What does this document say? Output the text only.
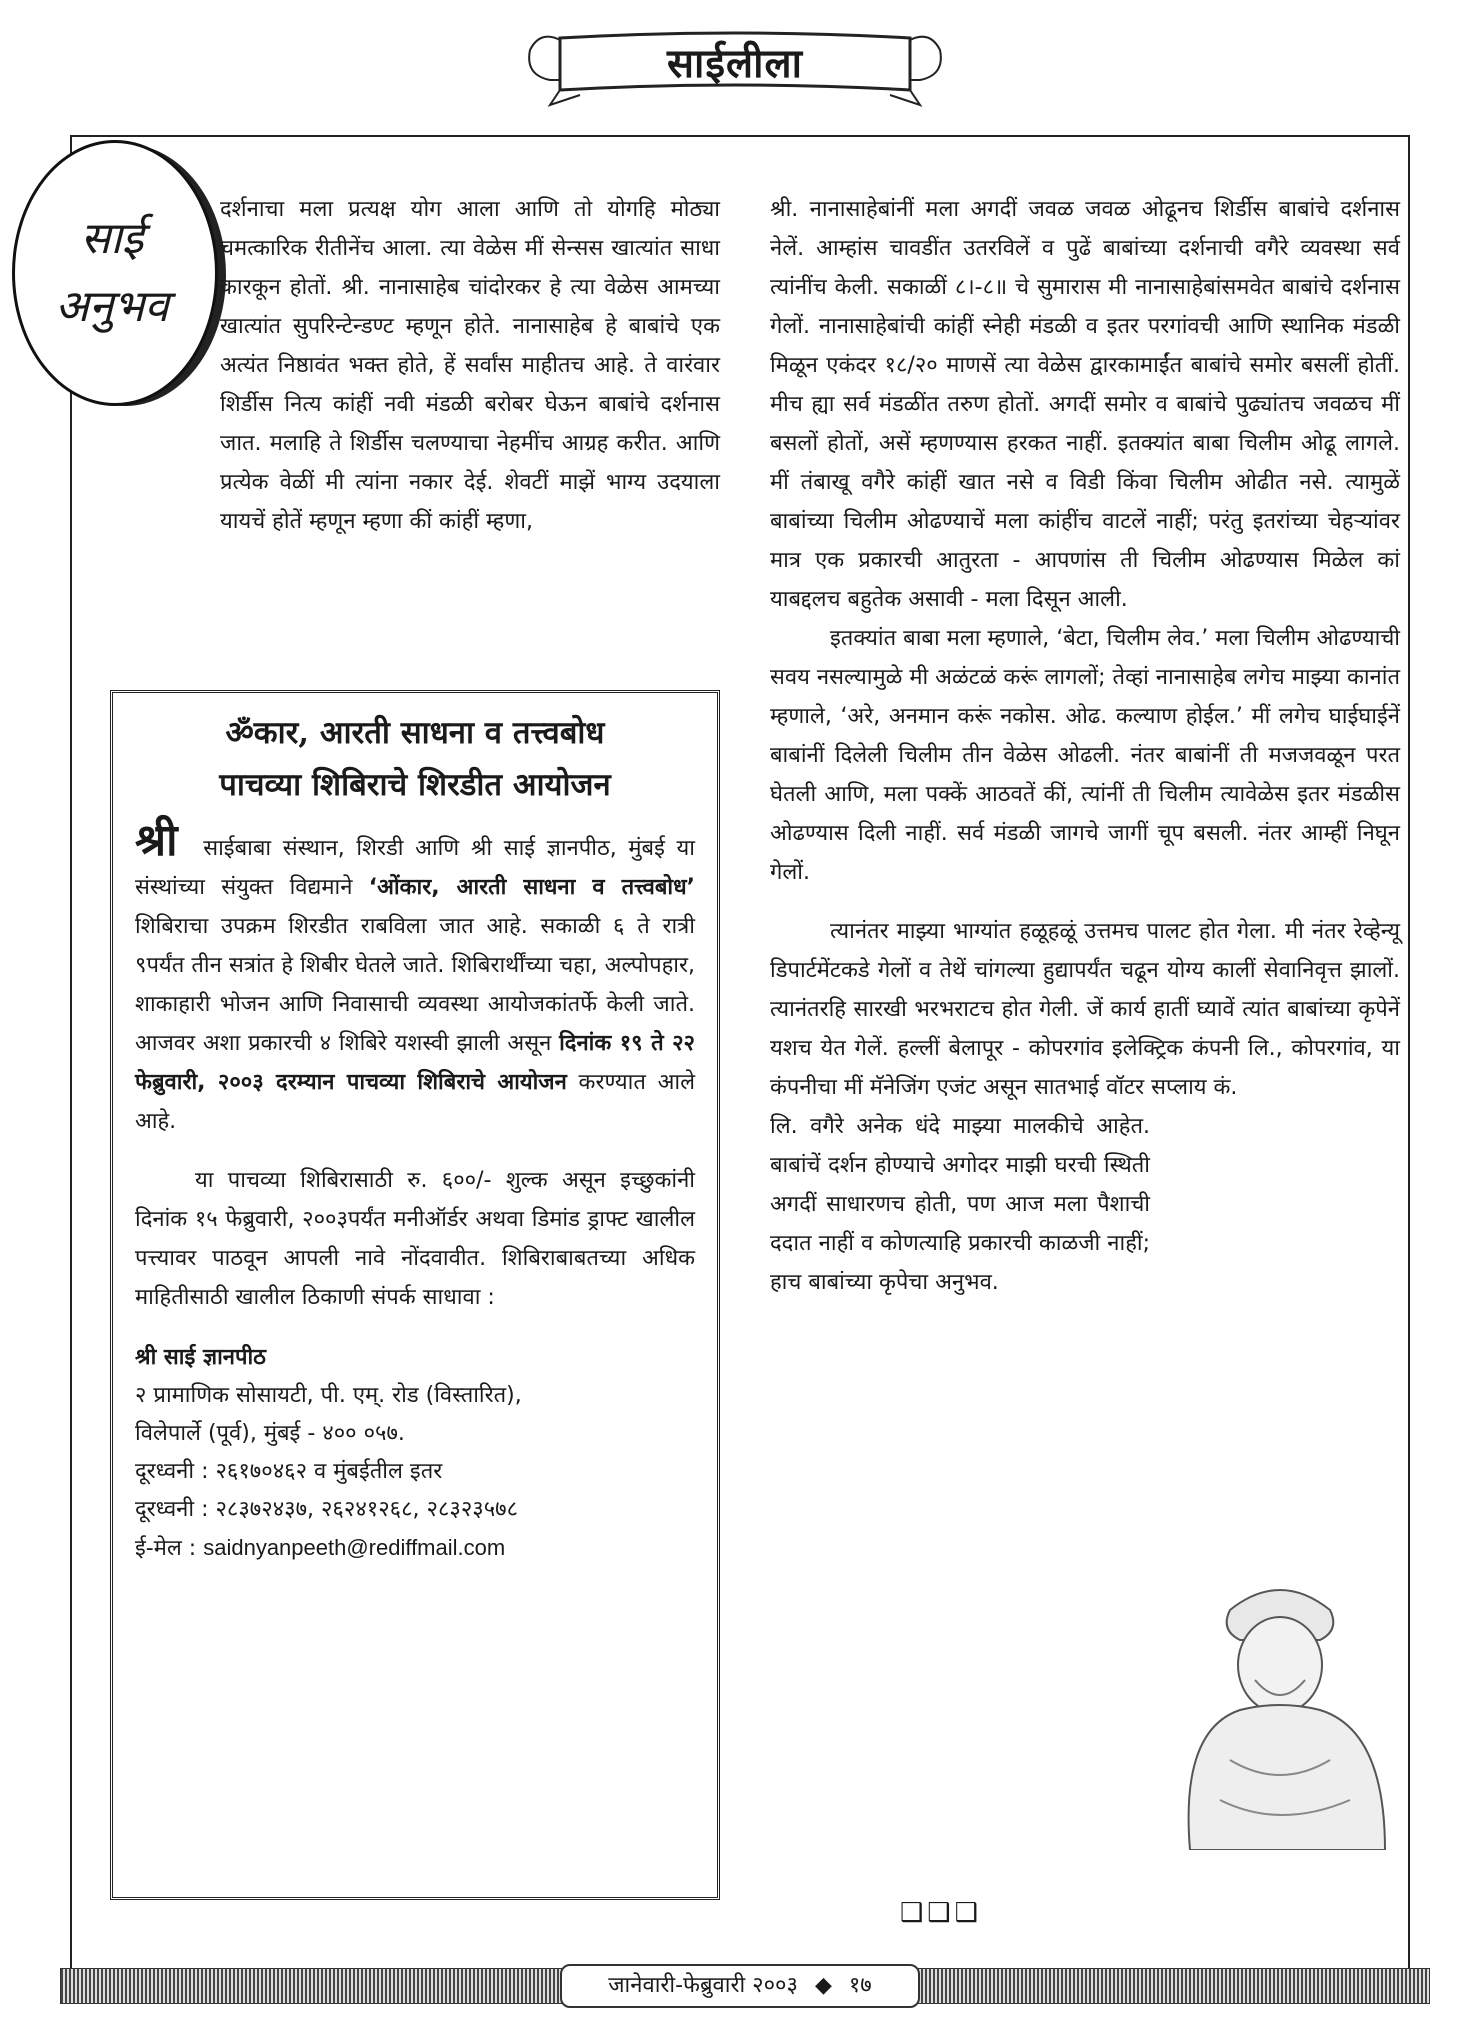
साईलीला
साई
अनुभव

दर्शनाचा मला प्रत्यक्ष योग आला आणि तो योगहि मोठ्या चमत्कारिक रीतीनेंच आला. त्या वेळेस मीं सेन्सस खात्यांत साधा कारकून होतों. श्री. नानासाहेब चांदोरकर हे त्या वेळेस आमच्या खात्यांत सुपरिन्टेन्डण्ट म्हणून होते. नानासाहेब हे बाबांचे एक अत्यंत निष्ठावंत भक्त होते, हें सर्वांस माहीतच आहे. ते वारंवार शिर्डीस नित्य कांहीं नवी मंडळी बरोबर घेऊन बाबांचे दर्शनास जात. मलाहि ते शिर्डीस चलण्याचा नेहमींच आग्रह करीत. आणि प्रत्येक वेळीं मी त्यांना नकार देई. शेवटीं माझें भाग्य उदयाला यायचें होतें म्हणून म्हणा कीं कांहीं म्हणा,

ॐकार, आरती साधना व तत्त्वबोध

पाचव्या शिबिराचे शिरडीत आयोजन

श्री साईबाबा संस्थान, शिरडी आणि श्री साई ज्ञानपीठ, मुंबई या संस्थांच्या संयुक्त विद्यमाने ‘ओंकार, आरती साधना व तत्त्वबोध’ शिबिराचा उपक्रम शिरडीत राबविला जात आहे. सकाळी ६ ते रात्री ९पर्यंत तीन सत्रांत हे शिबीर घेतले जाते. शिबिरार्थींच्या चहा, अल्पोपहार, शाकाहारी भोजन आणि निवासाची व्यवस्था आयोजकांतर्फे केली जाते. आजवर अशा प्रकारची ४ शिबिरे यशस्वी झाली असून दिनांक १९ ते २२ फेब्रुवारी, २००३ दरम्यान पाचव्या शिबिराचे आयोजन करण्यात आले आहे.

या पाचव्या शिबिरासाठी रु. ६००/- शुल्क असून इच्छुकांनी दिनांक १५ फेब्रुवारी, २००३पर्यंत मनीऑर्डर अथवा डिमांड ड्राफ्ट खालील पत्त्यावर पाठवून आपली नावे नोंदवावीत. शिबिराबाबतच्या अधिक माहितीसाठी खालील ठिकाणी संपर्क साधावा :

श्री साई ज्ञानपीठ
२ प्रामाणिक सोसायटी, पी. एम्. रोड (विस्तारित),
विलेपार्ले (पूर्व), मुंबई - ४०० ०५७.
दूरध्वनी : २६१७०४६२ व मुंबईतील इतर
दूरध्वनी : २८३७२४३७, २६२४१२६८, २८३२३५७८
ई-मेल : saidnyanpeeth@rediffmail.com

श्री. नानासाहेबांनीं मला अगदीं जवळ जवळ ओढूनच शिर्डीस बाबांचे दर्शनास नेलें. आम्हांस चावडींत उतरविलें व पुढें बाबांच्या दर्शनाची वगैरे व्यवस्था सर्व त्यांनींच केली. सकाळीं ८।-८॥ चे सुमारास मी नानासाहेबांसमवेत बाबांचे दर्शनास गेलों. नानासाहेबांची कांहीं स्नेही मंडळी व इतर परगांवची आणि स्थानिक मंडळी मिळून एकंदर १८/२० माणसें त्या वेळेस द्वारकामाईंत बाबांचे समोर बसलीं होतीं. मीच ह्या सर्व मंडळींत तरुण होतों. अगदीं समोर व बाबांचे पुढ्यांतच जवळच मीं बसलों होतों, असें म्हणण्यास हरकत नाहीं. इतक्यांत बाबा चिलीम ओढू लागले. मीं तंबाखू वगैरे कांहीं खात नसे व विडी किंवा चिलीम ओढीत नसे. त्यामुळें बाबांच्या चिलीम ओढण्याचें मला कांहींच वाटलें नाहीं; परंतु इतरांच्या चेहऱ्यांवर मात्र एक प्रकारची आतुरता - आपणांस ती चिलीम ओढण्यास मिळेल कां याबद्दलच बहुतेक असावी - मला दिसून आली.

इतक्यांत बाबा मला म्हणाले, ‘बेटा, चिलीम लेव.’ मला चिलीम ओढण्याची सवय नसल्यामुळे मी अळंटळं करूं लागलों; तेव्हां नानासाहेब लगेच माझ्या कानांत म्हणाले, ‘अरे, अनमान करूं नकोस. ओढ. कल्याण होईल.’ मीं लगेच घाईघाईनें बाबांनीं दिलेली चिलीम तीन वेळेस ओढली. नंतर बाबांनीं ती मजजवळून परत घेतली आणि, मला पक्कें आठवतें कीं, त्यांनीं ती चिलीम त्यावेळेस इतर मंडळीस ओढण्यास दिली नाहीं. सर्व मंडळी जागचे जागीं चूप बसली. नंतर आम्हीं निघून गेलों.

त्यानंतर माझ्या भाग्यांत हळूहळूं उत्तमच पालट होत गेला. मी नंतर रेव्हेन्यू डिपार्टमेंटकडे गेलों व तेथें चांगल्या हुद्यापर्यंत चढून योग्य कालीं सेवानिवृत्त झालों. त्यानंतरहि सारखी भरभराटच होत गेली. जें कार्य हातीं घ्यावें त्यांत बाबांच्या कृपेनें यशच येत गेलें. हल्लीं बेलापूर - कोपरगांव इलेक्ट्रिक कंपनी लि., कोपरगांव, या कंपनीचा मीं मॅनेजिंग एजंट असून सातभाई वॉटर सप्लाय कं.

लि. वगैरे अनेक धंदे माझ्या मालकीचे आहेत. बाबांचें दर्शन होण्याचे अगोदर माझी घरची स्थिती अगदीं साधारणच होती, पण आज मला पैशाची ददात नाहीं व कोणत्याहि प्रकारची काळजी नाहीं; हाच बाबांच्या कृपेचा अनुभव.

❑❑❑
जानेवारी-फेब्रुवारी २००३ ◆ १७
